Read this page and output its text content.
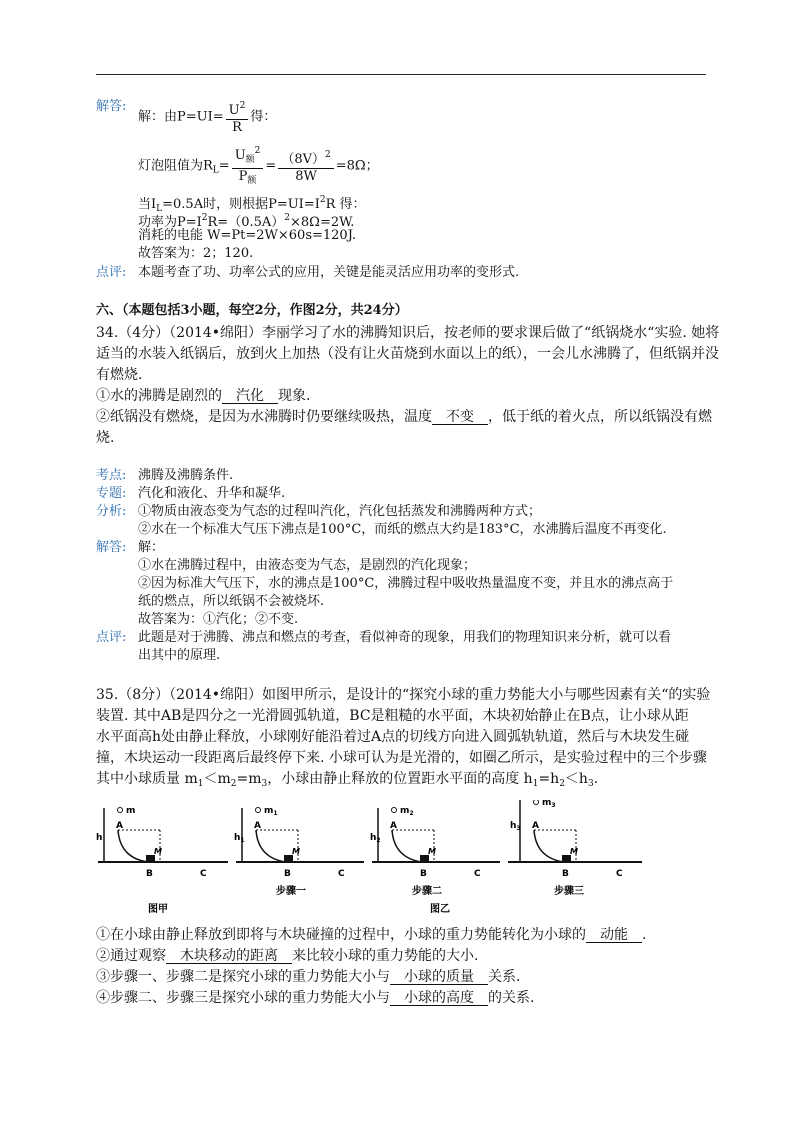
解答:
解：由$P=UI= \frac{U^2}{R}$ 得：
灯泡阻值为$R_L= \frac{U_额^2}{P_额} = \frac{(8V)^2}{8W} =8\Omega$；
当$I_L=0.5A$时，则根据$P=UI=I^2R$ 得：
功率为$P=I^2R=(0.5A)^2\times 8\Omega=2W$.
消耗的电能 W=Pt=2W×60s=120J.
故答案为：2；120.
点评: 本题考查了功、功率公式的应用，关键是能灵活应用功率的变形式.
六、（本题包括3小题，每空2分，作图2分，共24分）
34.（4分）（2014•绵阳）李丽学习了水的沸腾知识后，按老师的要求课后做了“纸锅烧水“实验. 她将
适当的水装入纸锅后，放到火上加热（没有让火苗烧到水面以上的纸），一会儿水沸腾了，但纸锅并没
有燃烧.
①水的沸腾是剧烈的　汽化　现象.
②纸锅没有燃烧，是因为水沸腾时仍要继续吸热，温度　不变　，低于纸的着火点，所以纸锅没有燃
烧.
考点: 沸腾及沸腾条件.
专题: 汽化和液化、升华和凝华.
分析: ①物质由液态变为气态的过程叫汽化，汽化包括蒸发和沸腾两种方式；
②水在一个标准大气压下沸点是100°C，而纸的燃点大约是183°C，水沸腾后温度不再变化.
解答: 解：
①水在沸腾过程中，由液态变为气态，是剧烈的汽化现象；
②因为标准大气压下，水的沸点是100°C，沸腾过程中吸收热量温度不变，并且水的沸点高于
纸的燃点，所以纸锅不会被烧坏.
故答案为：①汽化；②不变.
点评: 此题是对于沸腾、沸点和燃点的考查，看似神奇的现象，用我们的物理知识来分析，就可以看
出其中的原理.
35.（8分）（2014•绵阳）如图甲所示，是设计的“探究小球的重力势能大小与哪些因素有关“的实验
装置. 其中AB是四分之一光滑圆弧轨道，BC是粗糙的水平面，木块初始静止在B点，让小球从距
水平面高h处由静止释放，小球刚好能沿着过A点的切线方向进入圆弧轨轨道，然后与木块发生碰
撞，木块运动一段距离后最终停下来. 小球可认为是光滑的，如圈乙所示，是实验过程中的三个步骤
其中小球质量 $m_1<m_2=m_3$，小球由静止释放的位置距水平面的高度 $h_1=h_2<h_3$.
m
h
A
M
B	C
图甲
$m_1$
$h_1$
A
M
B	C
步骤一
$m_2$
$h_2$
A
M
B	C
步骤二
图乙
$m_3$
$h_3$ A
M
B	C
步骤三
①在小球由静止释放到即将与木块碰撞的过程中，小球的重力势能转化为小球的　动能　.
②通过观察　木块移动的距离　来比较小球的重力势能的大小.
③步骤一、步骤二是探究小球的重力势能大小与　小球的质量　关系.
④步骤二、步骤三是探究小球的重力势能大小与　小球的高度　的关系.
